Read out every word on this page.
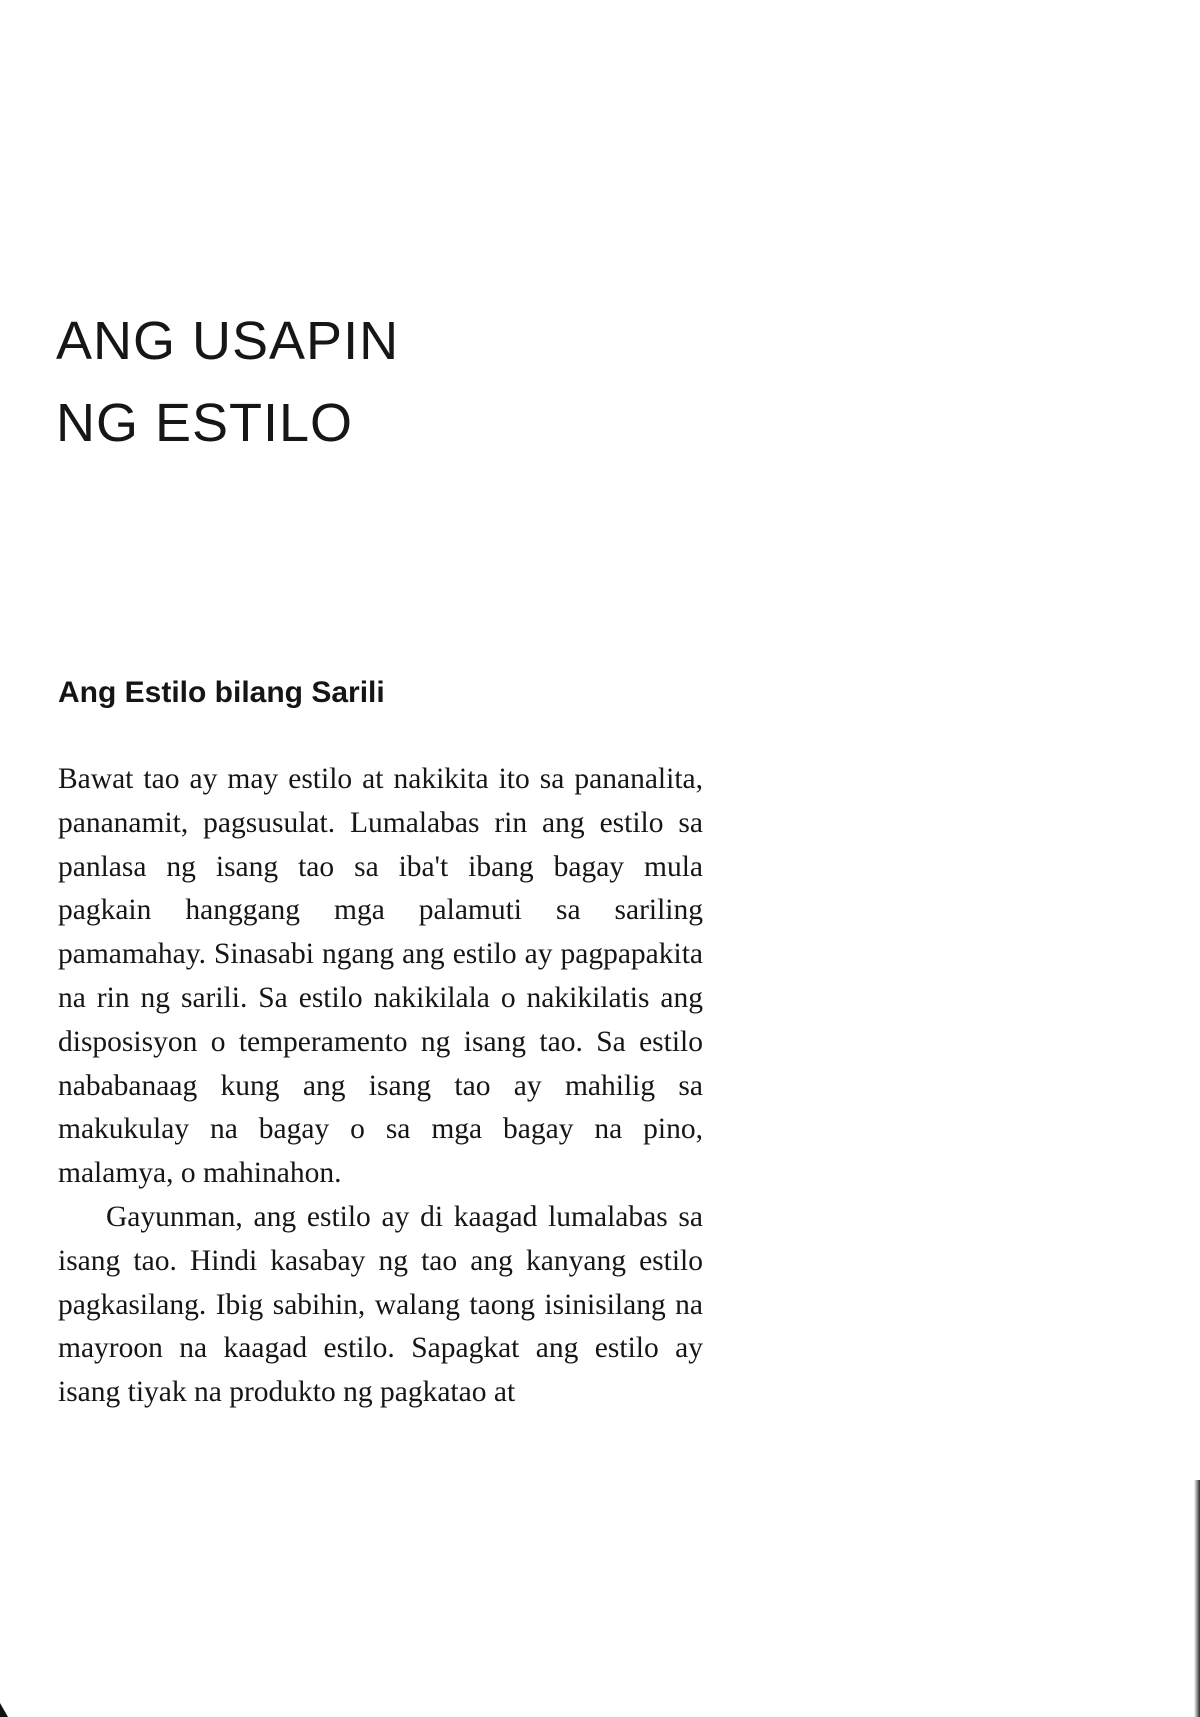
ANG USAPIN
NG ESTILO
Ang Estilo bilang Sarili

Bawat tao ay may estilo at nakikita ito sa pananalita, pananamit, pagsusulat. Lumalabas rin ang estilo sa panlasa ng isang tao sa iba't ibang bagay mula pagkain hanggang mga palamuti sa sariling pamamahay. Sinasabi ngang ang estilo ay pagpapakita na rin ng sarili. Sa estilo nakikilala o nakikilatis ang disposisyon o temperamento ng isang tao. Sa estilo nababanaag kung ang isang tao ay mahilig sa makukulay na bagay o sa mga bagay na pino, malamya, o mahinahon.

Gayunman, ang estilo ay di kaagad lumalabas sa isang tao. Hindi kasabay ng tao ang kanyang estilo pagkasilang. Ibig sabihin, walang taong isinisilang na mayroon na kaagad estilo. Sapagkat ang estilo ay isang tiyak na produkto ng pagkatao at
